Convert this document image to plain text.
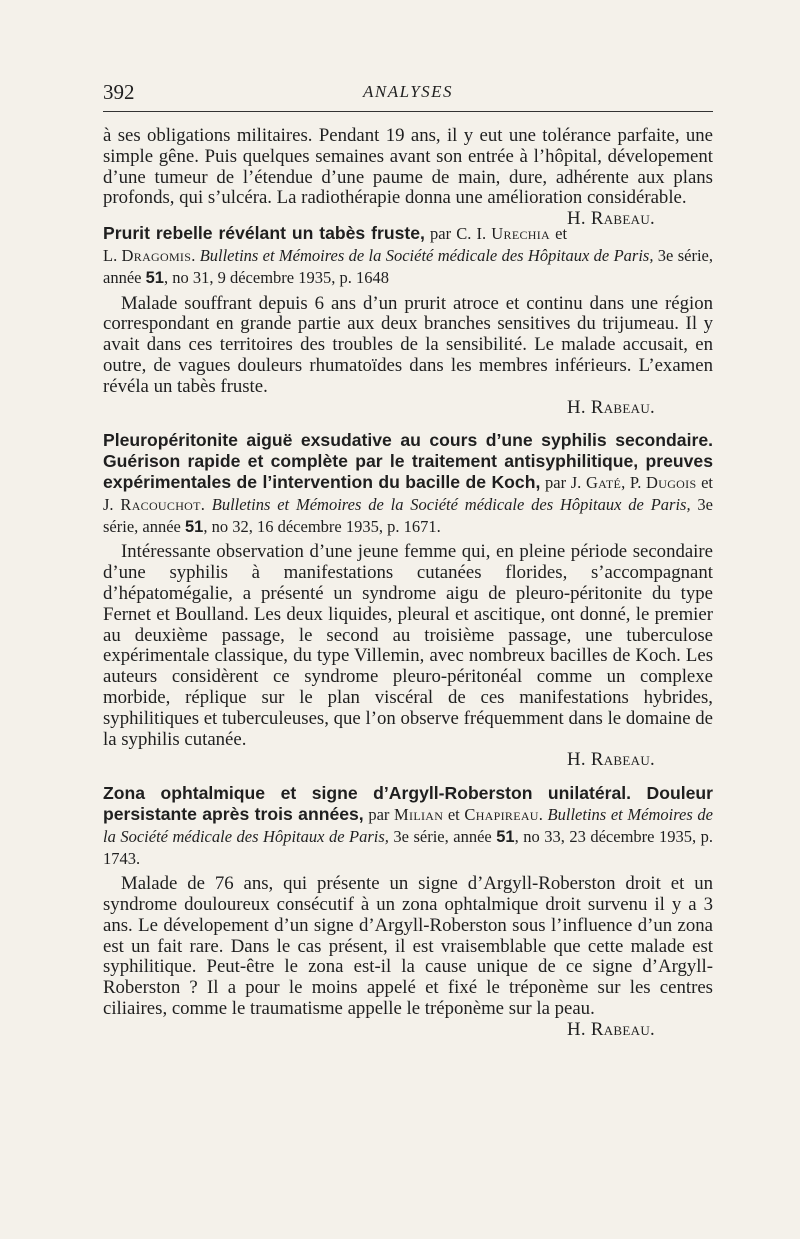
392	ANALYSES

à ses obligations militaires. Pendant 19 ans, il y eut une tolérance parfaite, une simple gêne. Puis quelques semaines avant son entrée à l’hôpital, dévelopement d’une tumeur de l’étendue d’une paume de main, dure, adhérente aux plans profonds, qui s’ulcéra. La radiothérapie donna une amélioration considérable.
H. Rabeau.

Prurit rebelle révélant un tabès fruste, par C. I. Urechia et L. Dragomis. Bulletins et Mémoires de la Société médicale des Hôpitaux de Paris, 3e série, année 51, no 31, 9 décembre 1935, p. 1648

Malade souffrant depuis 6 ans d’un prurit atroce et continu dans une région correspondant en grande partie aux deux branches sensitives du trijumeau. Il y avait dans ces territoires des troubles de la sensibilité. Le malade accusait, en outre, de vagues douleurs rhumatoïdes dans les membres inférieurs. L’examen révéla un tabès fruste.

H. Rabeau.

Pleuropéritonite aiguë exsudative au cours d’une syphilis secondaire. Guérison rapide et complète par le traitement antisyphilitique, preuves expérimentales de l’intervention du bacille de Koch, par J. Gaté, P. Dugois et J. Racouchot. Bulletins et Mémoires de la Société médicale des Hôpitaux de Paris, 3e série, année 51, no 32, 16 décembre 1935, p. 1671.

Intéressante observation d’une jeune femme qui, en pleine période secondaire d’une syphilis à manifestations cutanées florides, s’accompagnant d’hépatomégalie, a présenté un syndrome aigu de pleuro-péritonite du type Fernet et Boulland. Les deux liquides, pleural et ascitique, ont donné, le premier au deuxième passage, le second au troisième passage, une tuberculose expérimentale classique, du type Villemin, avec nombreux bacilles de Koch. Les auteurs considèrent ce syndrome pleuro-péritonéal comme un complexe morbide, réplique sur le plan viscéral de ces manifestations hybrides, syphilitiques et tuberculeuses, que l’on observe fréquemment dans le domaine de la syphilis cutanée.

H. Rabeau.

Zona ophtalmique et signe d’Argyll-Roberston unilatéral. Douleur persistante après trois années, par Milian et Chapireau. Bulletins et Mémoires de la Société médicale des Hôpitaux de Paris, 3e série, année 51, no 33, 23 décembre 1935, p. 1743.

Malade de 76 ans, qui présente un signe d’Argyll-Roberston droit et un syndrome douloureux consécutif à un zona ophtalmique droit survenu il y a 3 ans. Le dévelopement d’un signe d’Argyll-Roberston sous l’influence d’un zona est un fait rare. Dans le cas présent, il est vraisemblable que cette malade est syphilitique. Peut-être le zona est-il la cause unique de ce signe d’Argyll-Roberston ? Il a pour le moins appelé et fixé le tréponème sur les centres ciliaires, comme le traumatisme appelle le tréponème sur la peau.
H. Rabeau.
